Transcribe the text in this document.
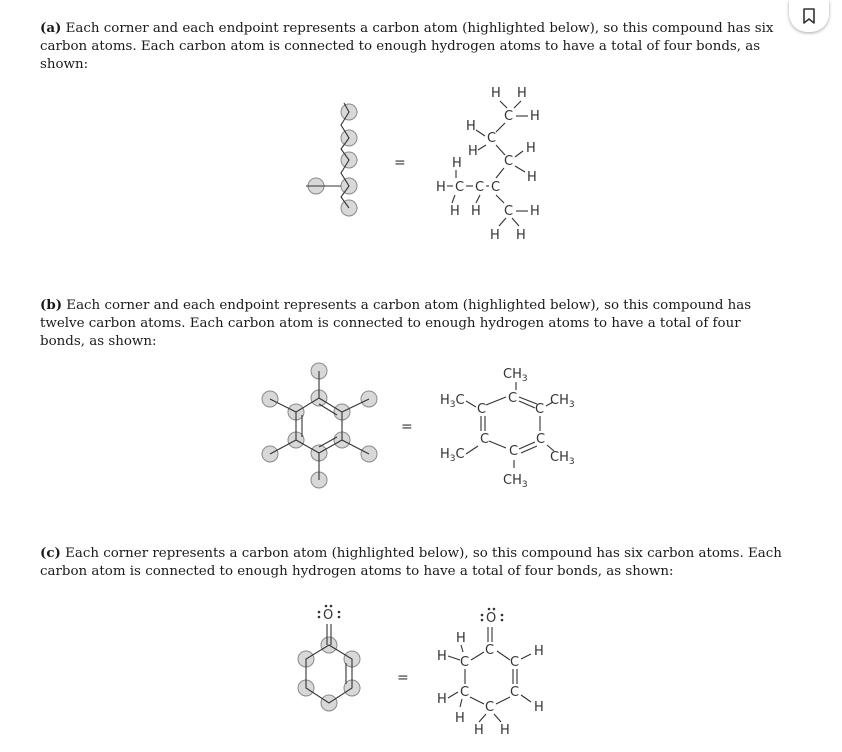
(a) Each corner and each endpoint represents a carbon atom (highlighted below), so this compound has six carbon atoms. Each carbon atom is connected to enough hydrogen atoms to have a total of four bonds, as shown:

(b) Each corner and each endpoint represents a carbon atom (highlighted below), so this compound has twelve carbon atoms. Each carbon atom is connected to enough hydrogen atoms to have a total of four bonds, as shown:

(c) Each corner represents a carbon atom (highlighted below), so this compound has six carbon atoms. Each carbon atom is connected to enough hydrogen atoms to have a total of four bonds, as shown:

=
H H
C H
H
C
H
C
H
H
H
H C C C
H H C H
H H
=
$CH_3$
$H_3C$
C
C
C
$CH_3$
C
C
C
$H_3C$	$CH_3$
$CH_3$
O
=
O
H
C
H C	C
H
H C	C
H
C
H
H H
